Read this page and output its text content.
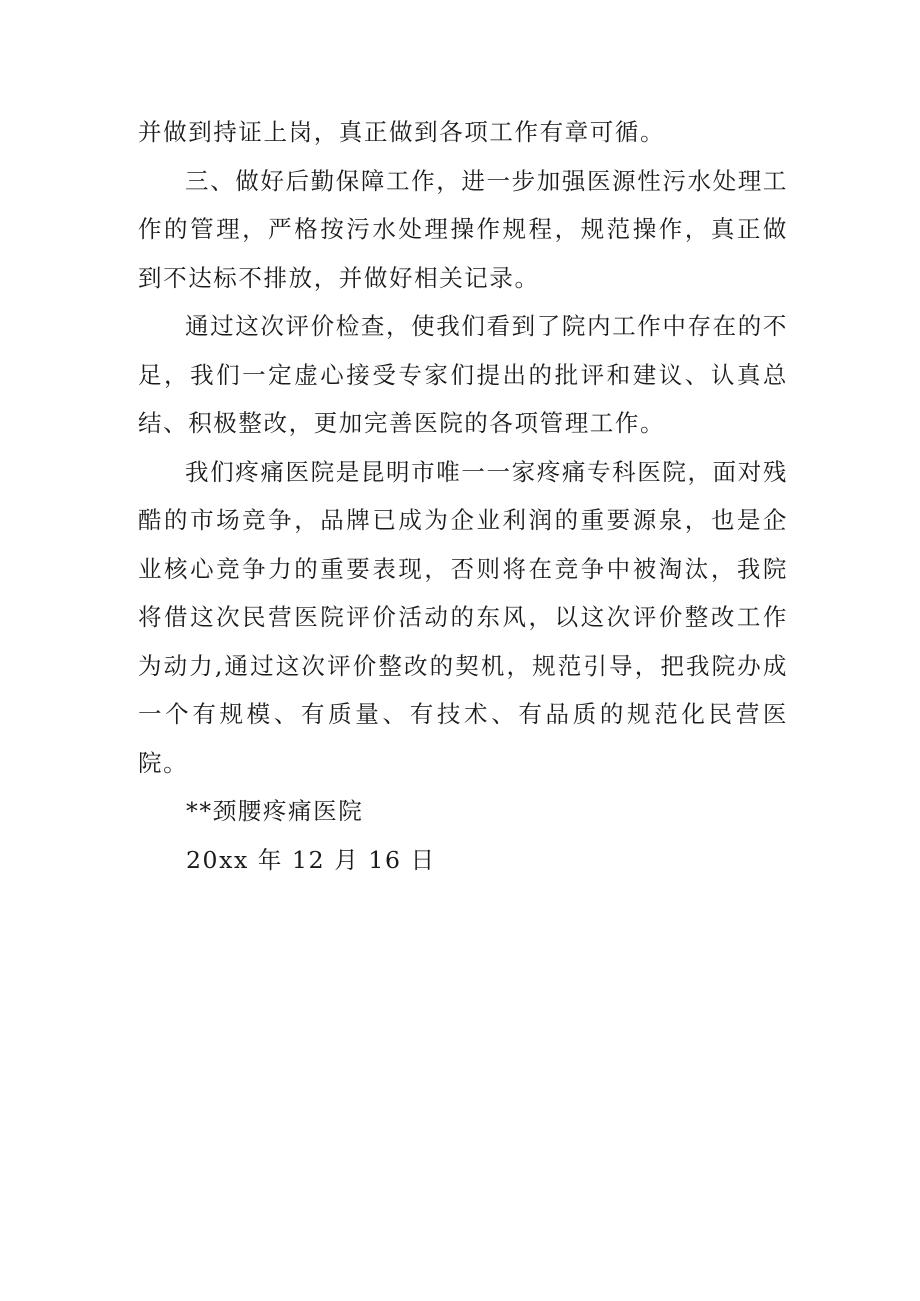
并做到持证上岗，真正做到各项工作有章可循。

三、做好后勤保障工作，进一步加强医源性污水处理工作的管理，严格按污水处理操作规程，规范操作，真正做到不达标不排放，并做好相关记录。

通过这次评价检查，使我们看到了院内工作中存在的不足，我们一定虚心接受专家们提出的批评和建议、认真总结、积极整改，更加完善医院的各项管理工作。

我们疼痛医院是昆明市唯一一家疼痛专科医院，面对残酷的市场竞争，品牌已成为企业利润的重要源泉，也是企业核心竞争力的重要表现，否则将在竞争中被淘汰，我院将借这次民营医院评价活动的东风，以这次评价整改工作为动力,通过这次评价整改的契机，规范引导，把我院办成一个有规模、有质量、有技术、有品质的规范化民营医院。

**颈腰疼痛医院

20xx 年 12 月 16 日
